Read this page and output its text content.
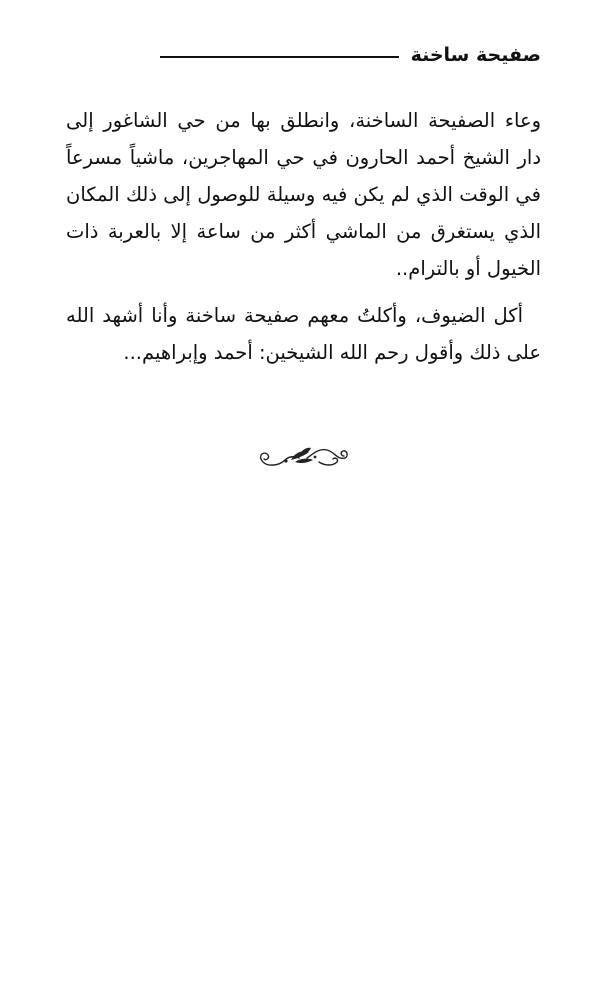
صفيحة ساخنة

وعاء الصفيحة الساخنة، وانطلق بها من حي الشاغور إلى دار الشيخ أحمد الحارون في حي المهاجرين، ماشياً مسرعاً في الوقت الذي لم يكن فيه وسيلة للوصول إلى ذلك المكان الذي يستغرق من الماشي أكثر من ساعة إلا بالعربة ذات الخيول أو بالترام..

أكل الضيوف، وأكلتُ معهم صفيحة ساخنة وأنا أشهد الله على ذلك وأقول رحم الله الشيخين: أحمد وإبراهيم...
